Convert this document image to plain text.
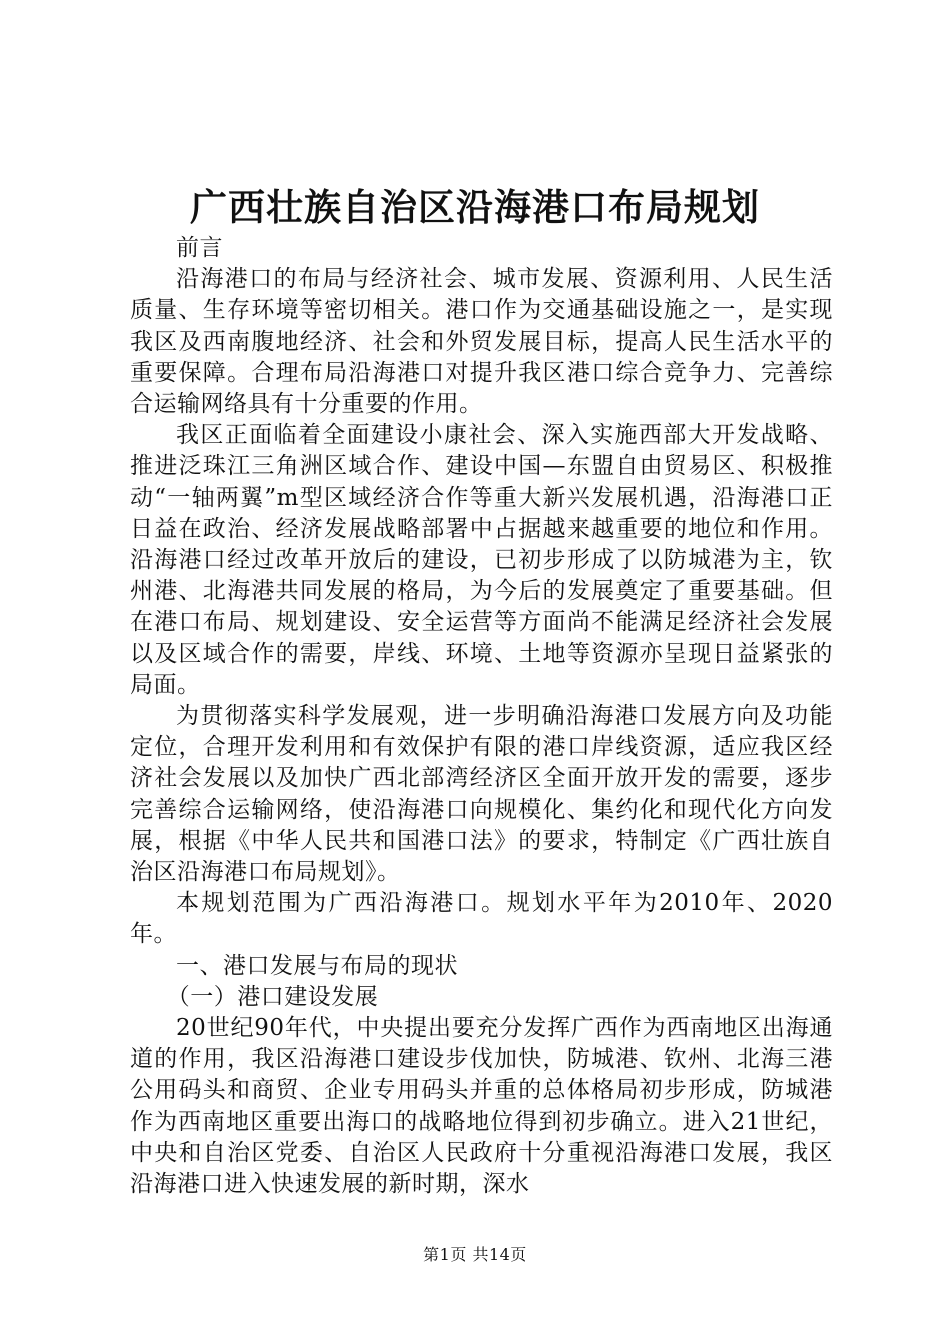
广西壮族自治区沿海港口布局规划

前言

沿海港口的布局与经济社会、城市发展、资源利用、人民生活质量、生存环境等密切相关。港口作为交通基础设施之一，是实现我区及西南腹地经济、社会和外贸发展目标，提高人民生活水平的重要保障。合理布局沿海港口对提升我区港口综合竞争力、完善综合运输网络具有十分重要的作用。

我区正面临着全面建设小康社会、深入实施西部大开发战略、推进泛珠江三角洲区域合作、建设中国—东盟自由贸易区、积极推动“一轴两翼”m型区域经济合作等重大新兴发展机遇，沿海港口正日益在政治、经济发展战略部署中占据越来越重要的地位和作用。沿海港口经过改革开放后的建设，已初步形成了以防城港为主，钦州港、北海港共同发展的格局，为今后的发展奠定了重要基础。但在港口布局、规划建设、安全运营等方面尚不能满足经济社会发展以及区域合作的需要，岸线、环境、土地等资源亦呈现日益紧张的局面。

为贯彻落实科学发展观，进一步明确沿海港口发展方向及功能定位，合理开发利用和有效保护有限的港口岸线资源，适应我区经济社会发展以及加快广西北部湾经济区全面开放开发的需要，逐步完善综合运输网络，使沿海港口向规模化、集约化和现代化方向发展，根据《中华人民共和国港口法》的要求，特制定《广西壮族自治区沿海港口布局规划》。

本规划范围为广西沿海港口。规划水平年为2010年、2020年。

一、港口发展与布局的现状

（一）港口建设发展

20世纪90年代，中央提出要充分发挥广西作为西南地区出海通道的作用，我区沿海港口建设步伐加快，防城港、钦州、北海三港公用码头和商贸、企业专用码头并重的总体格局初步形成，防城港作为西南地区重要出海口的战略地位得到初步确立。进入21世纪，中央和自治区党委、自治区人民政府十分重视沿海港口发展，我区沿海港口进入快速发展的新时期，深水

第1页 共14页
